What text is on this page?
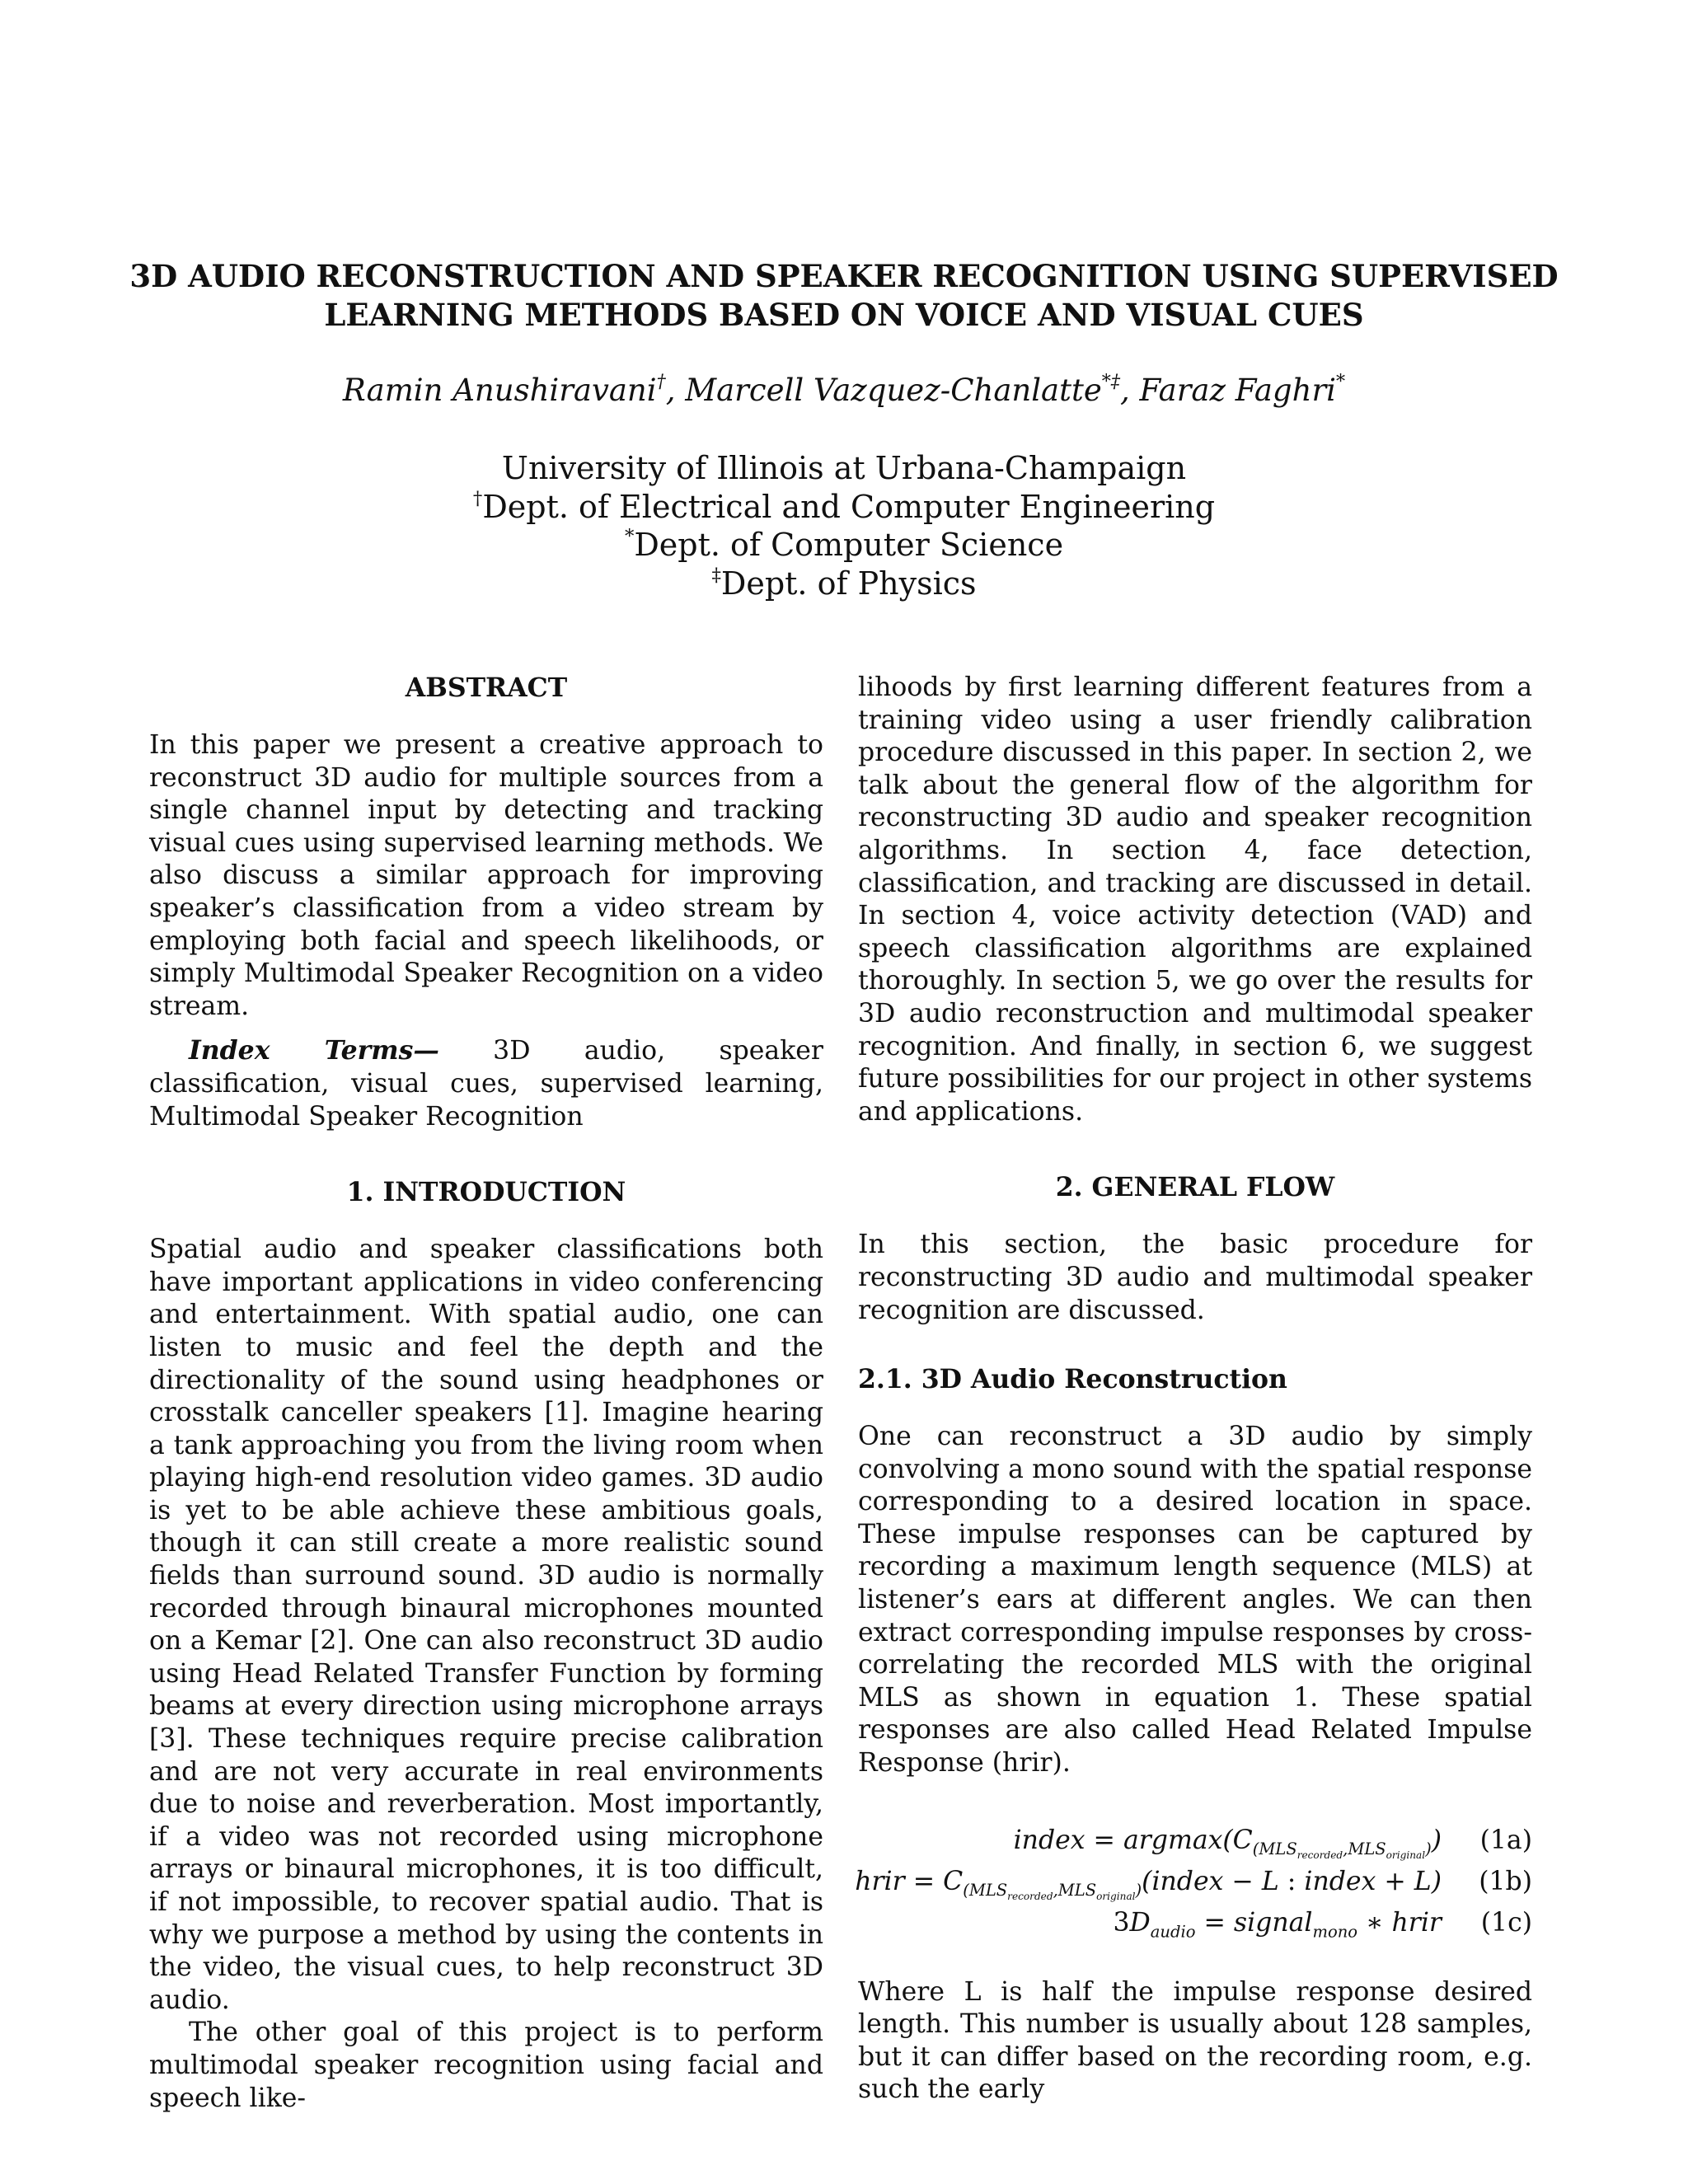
3D AUDIO RECONSTRUCTION AND SPEAKER RECOGNITION USING SUPERVISED
LEARNING METHODS BASED ON VOICE AND VISUAL CUES
Ramin Anushiravani†, Marcell Vazquez-Chanlatte*‡, Faraz Faghri*
University of Illinois at Urbana-Champaign
†Dept. of Electrical and Computer Engineering
*Dept. of Computer Science
‡Dept. of Physics
ABSTRACT

In this paper we present a creative approach to reconstruct 3D audio for multiple sources from a single channel input by detecting and tracking visual cues using supervised learning methods. We also discuss a similar approach for improving speaker’s classification from a video stream by employing both facial and speech likelihoods, or simply Multimodal Speaker Recognition on a video stream.

Index Terms— 3D audio, speaker classification, visual cues, supervised learning, Multimodal Speaker Recognition

1. INTRODUCTION

Spatial audio and speaker classifications both have important applications in video conferencing and entertainment. With spatial audio, one can listen to music and feel the depth and the directionality of the sound using headphones or crosstalk canceller speakers [1]. Imagine hearing a tank approaching you from the living room when playing high-end resolution video games. 3D audio is yet to be able achieve these ambitious goals, though it can still create a more realistic sound fields than surround sound. 3D audio is normally recorded through binaural microphones mounted on a Kemar [2]. One can also reconstruct 3D audio using Head Related Transfer Function by forming beams at every direction using microphone arrays [3]. These techniques require precise calibration and are not very accurate in real environments due to noise and reverberation. Most importantly, if a video was not recorded using microphone arrays or binaural microphones, it is too difficult, if not impossible, to recover spatial audio. That is why we purpose a method by using the contents in the video, the visual cues, to help reconstruct 3D audio.

The other goal of this project is to perform multimodal speaker recognition using facial and speech like-

lihoods by first learning different features from a training video using a user friendly calibration procedure discussed in this paper. In section 2, we talk about the general flow of the algorithm for reconstructing 3D audio and speaker recognition algorithms. In section 4, face detection, classification, and tracking are discussed in detail. In section 4, voice activity detection (VAD) and speech classification algorithms are explained thoroughly. In section 5, we go over the results for 3D audio reconstruction and multimodal speaker recognition. And finally, in section 6, we suggest future possibilities for our project in other systems and applications.

2. GENERAL FLOW

In this section, the basic procedure for reconstructing 3D audio and multimodal speaker recognition are discussed.

2.1. 3D Audio Reconstruction

One can reconstruct a 3D audio by simply convolving a mono sound with the spatial response corresponding to a desired location in space. These impulse responses can be captured by recording a maximum length sequence (MLS) at listener’s ears at different angles. We can then extract corresponding impulse responses by cross-correlating the recorded MLS with the original MLS as shown in equation 1. These spatial responses are also called Head Related Impulse Response (hrir).

index = $argmax(C_{(MLS_{recorded},MLS_{original})})$ (1a)
hrir = $C_{(MLS_{recorded},MLS_{original})}(index - L$ : index + L) (1b)
$3D_{audio}$ = signal$_{mono}$ ∗ hrir (1c)

Where L is half the impulse response desired length. This number is usually about 128 samples, but it can differ based on the recording room, e.g. such the early
